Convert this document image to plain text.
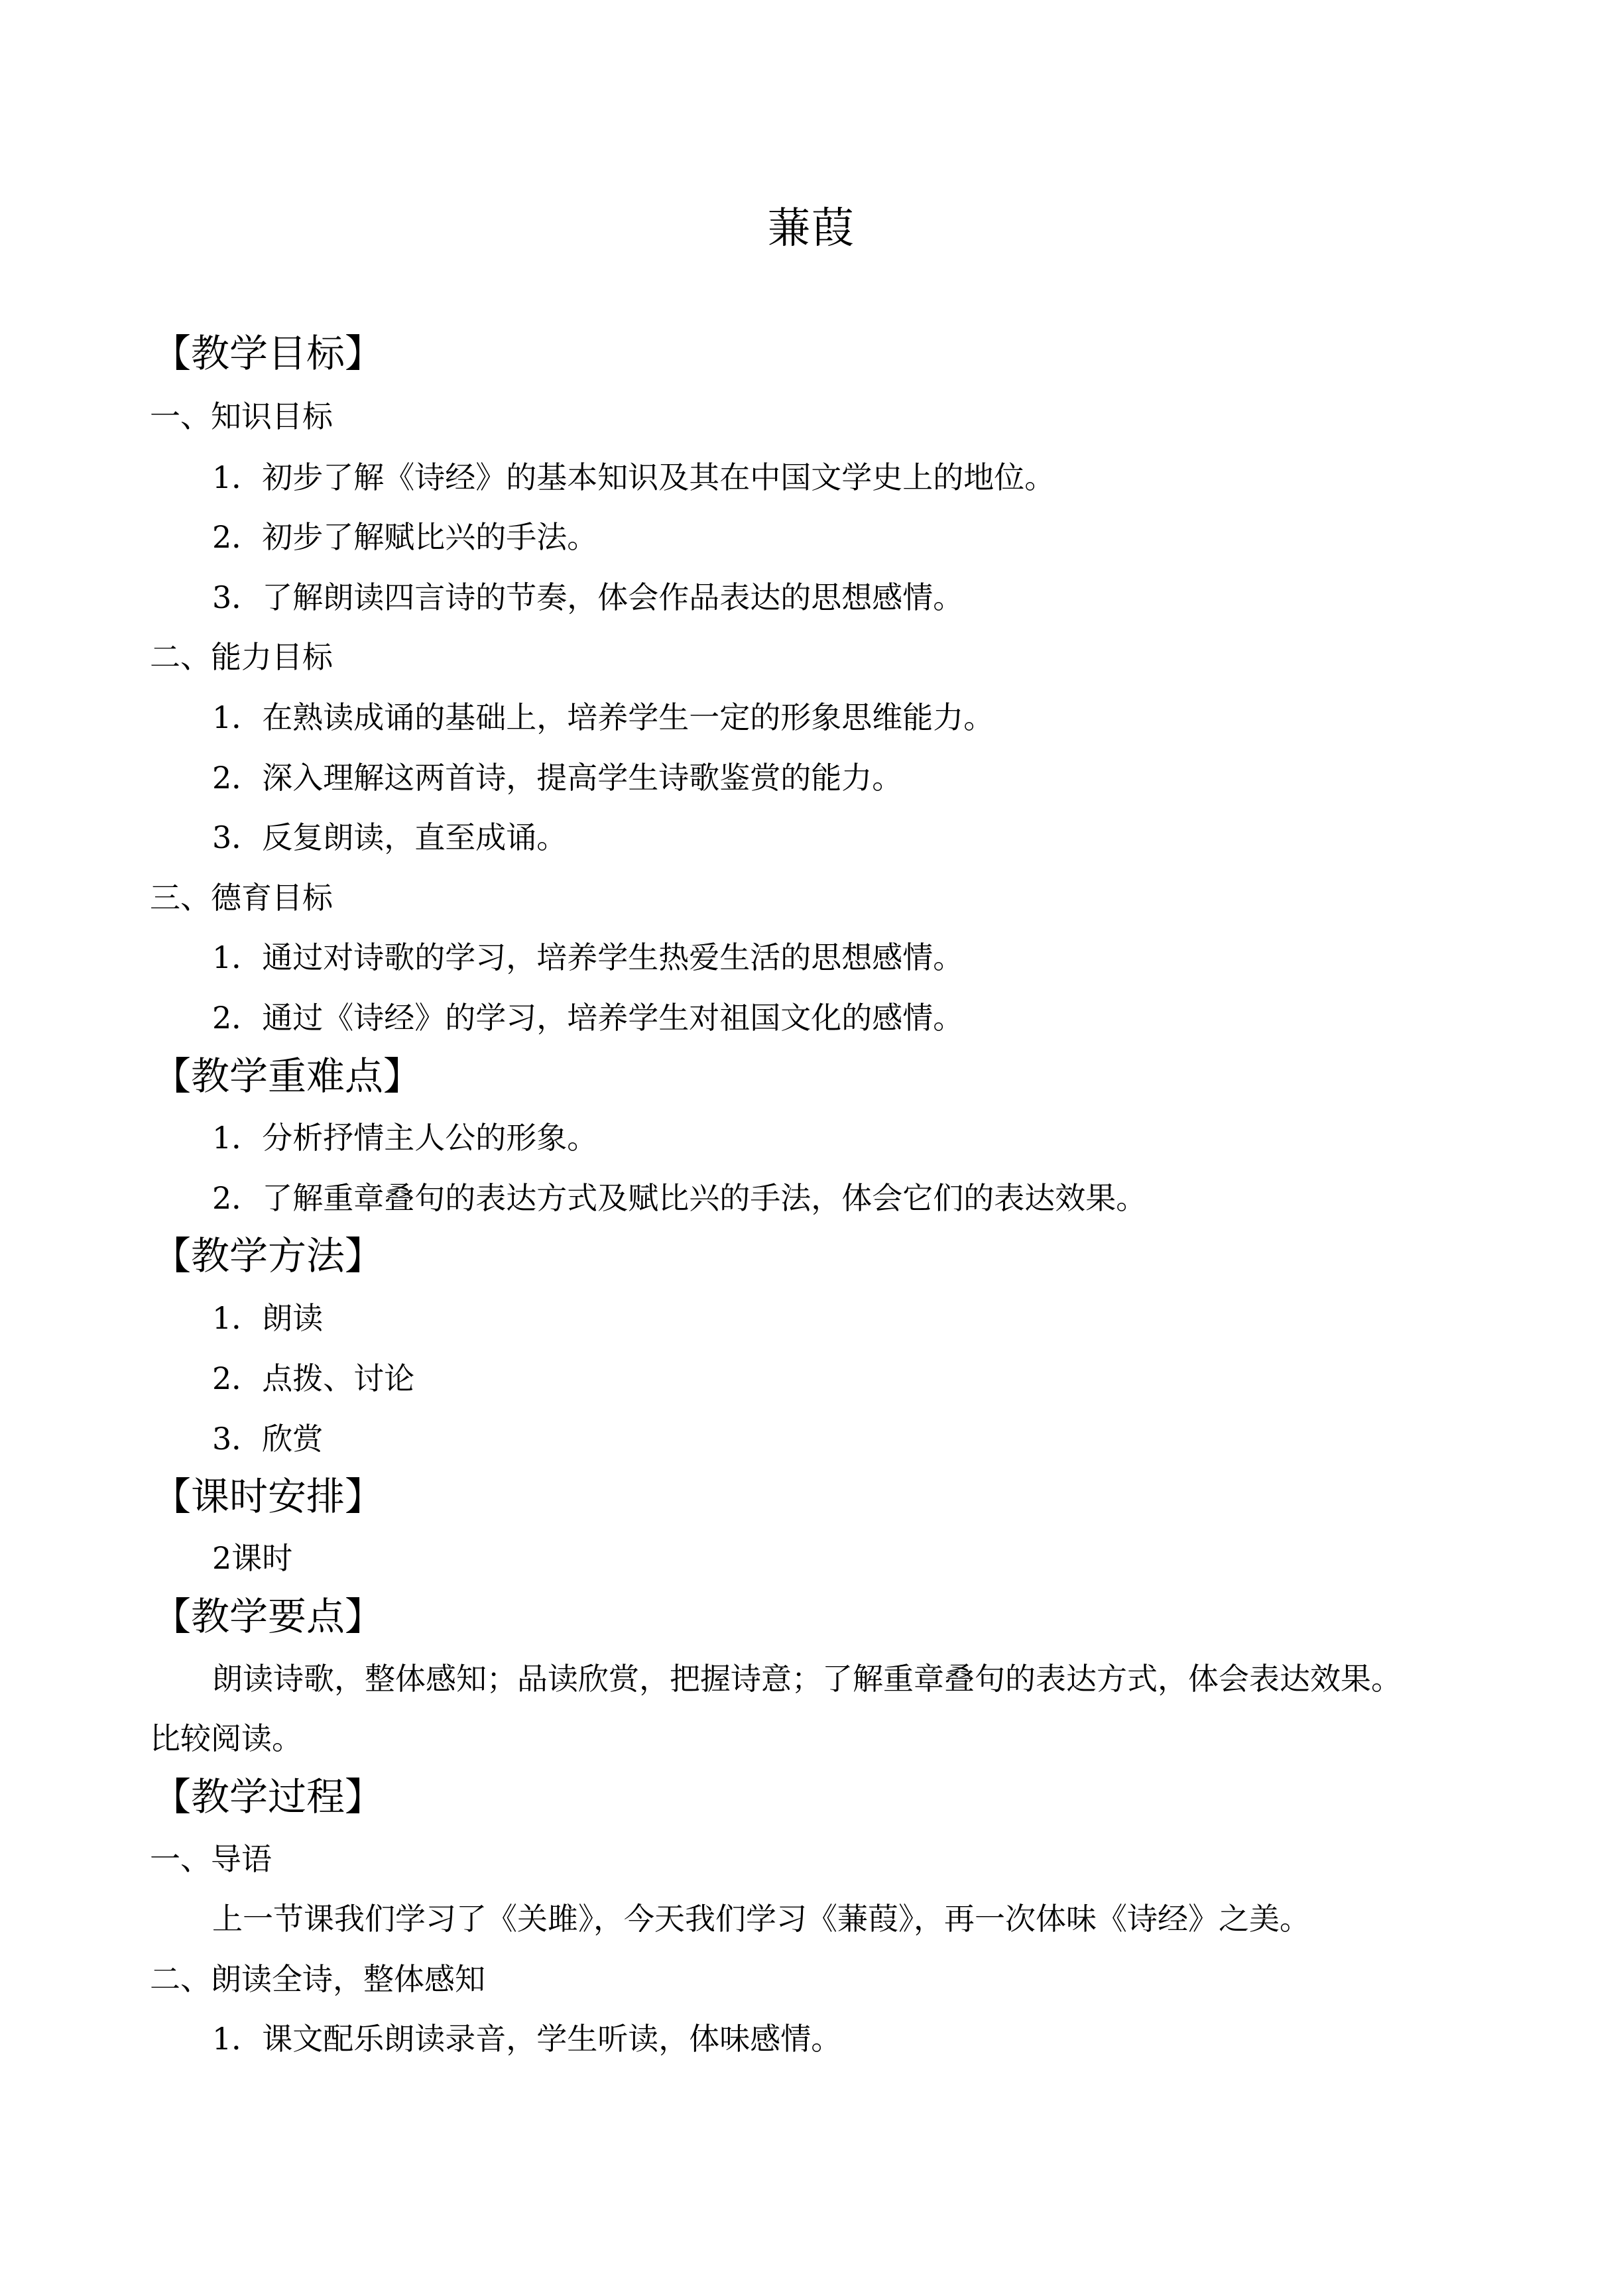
蒹葭
【教学目标】
一、知识目标
1．初步了解《诗经》的基本知识及其在中国文学史上的地位。
2．初步了解赋比兴的手法。
3．了解朗读四言诗的节奏，体会作品表达的思想感情。
二、能力目标
1．在熟读成诵的基础上，培养学生一定的形象思维能力。
2．深入理解这两首诗，提高学生诗歌鉴赏的能力。
3．反复朗读，直至成诵。
三、德育目标
1．通过对诗歌的学习，培养学生热爱生活的思想感情。
2．通过《诗经》的学习，培养学生对祖国文化的感情。
【教学重难点】
1．分析抒情主人公的形象。
2．了解重章叠句的表达方式及赋比兴的手法，体会它们的表达效果。
【教学方法】
1．朗读
2．点拨、讨论
3．欣赏
【课时安排】
2课时
【教学要点】
朗读诗歌，整体感知；品读欣赏，把握诗意；了解重章叠句的表达方式，体会表达效果。
比较阅读。
【教学过程】
一、导语
上一节课我们学习了《关雎》，今天我们学习《蒹葭》，再一次体味《诗经》之美。
二、朗读全诗，整体感知
1．课文配乐朗读录音，学生听读，体味感情。
